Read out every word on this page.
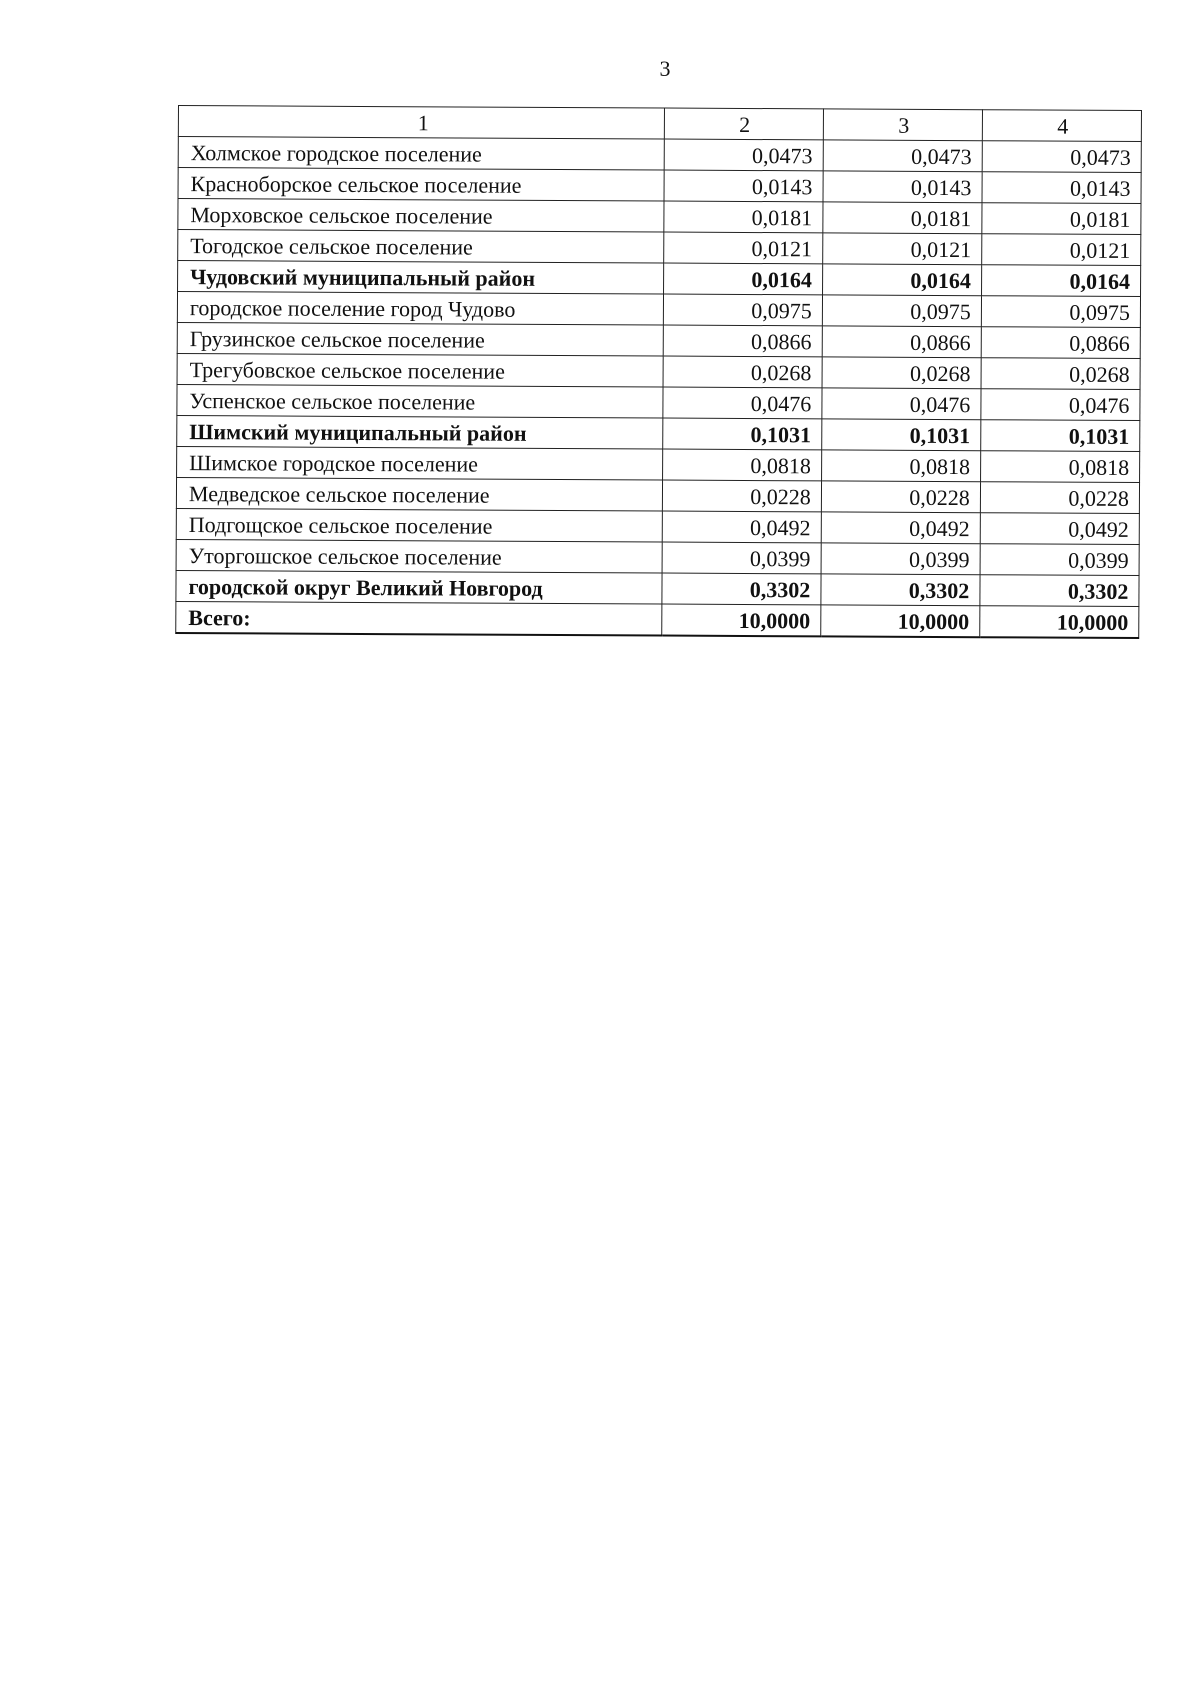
3
1	2	3	4
Холмское городское поселение	0,0473	0,0473	0,0473
Красноборское сельское поселение	0,0143	0,0143	0,0143
Морховское сельское поселение	0,0181	0,0181	0,0181
Тогодское сельское поселение	0,0121	0,0121	0,0121
Чудовский муниципальный район	0,0164	0,0164	0,0164
городское поселение город Чудово	0,0975	0,0975	0,0975
Грузинское сельское поселение	0,0866	0,0866	0,0866
Трегубовское сельское поселение	0,0268	0,0268	0,0268
Успенское сельское поселение	0,0476	0,0476	0,0476
Шимский муниципальный район	0,1031	0,1031	0,1031
Шимское городское поселение	0,0818	0,0818	0,0818
Медведское сельское поселение	0,0228	0,0228	0,0228
Подгощское сельское поселение	0,0492	0,0492	0,0492
Уторгошское сельское поселение	0,0399	0,0399	0,0399
городской округ Великий Новгород	0,3302	0,3302	0,3302
Всего:	10,0000	10,0000	10,0000
